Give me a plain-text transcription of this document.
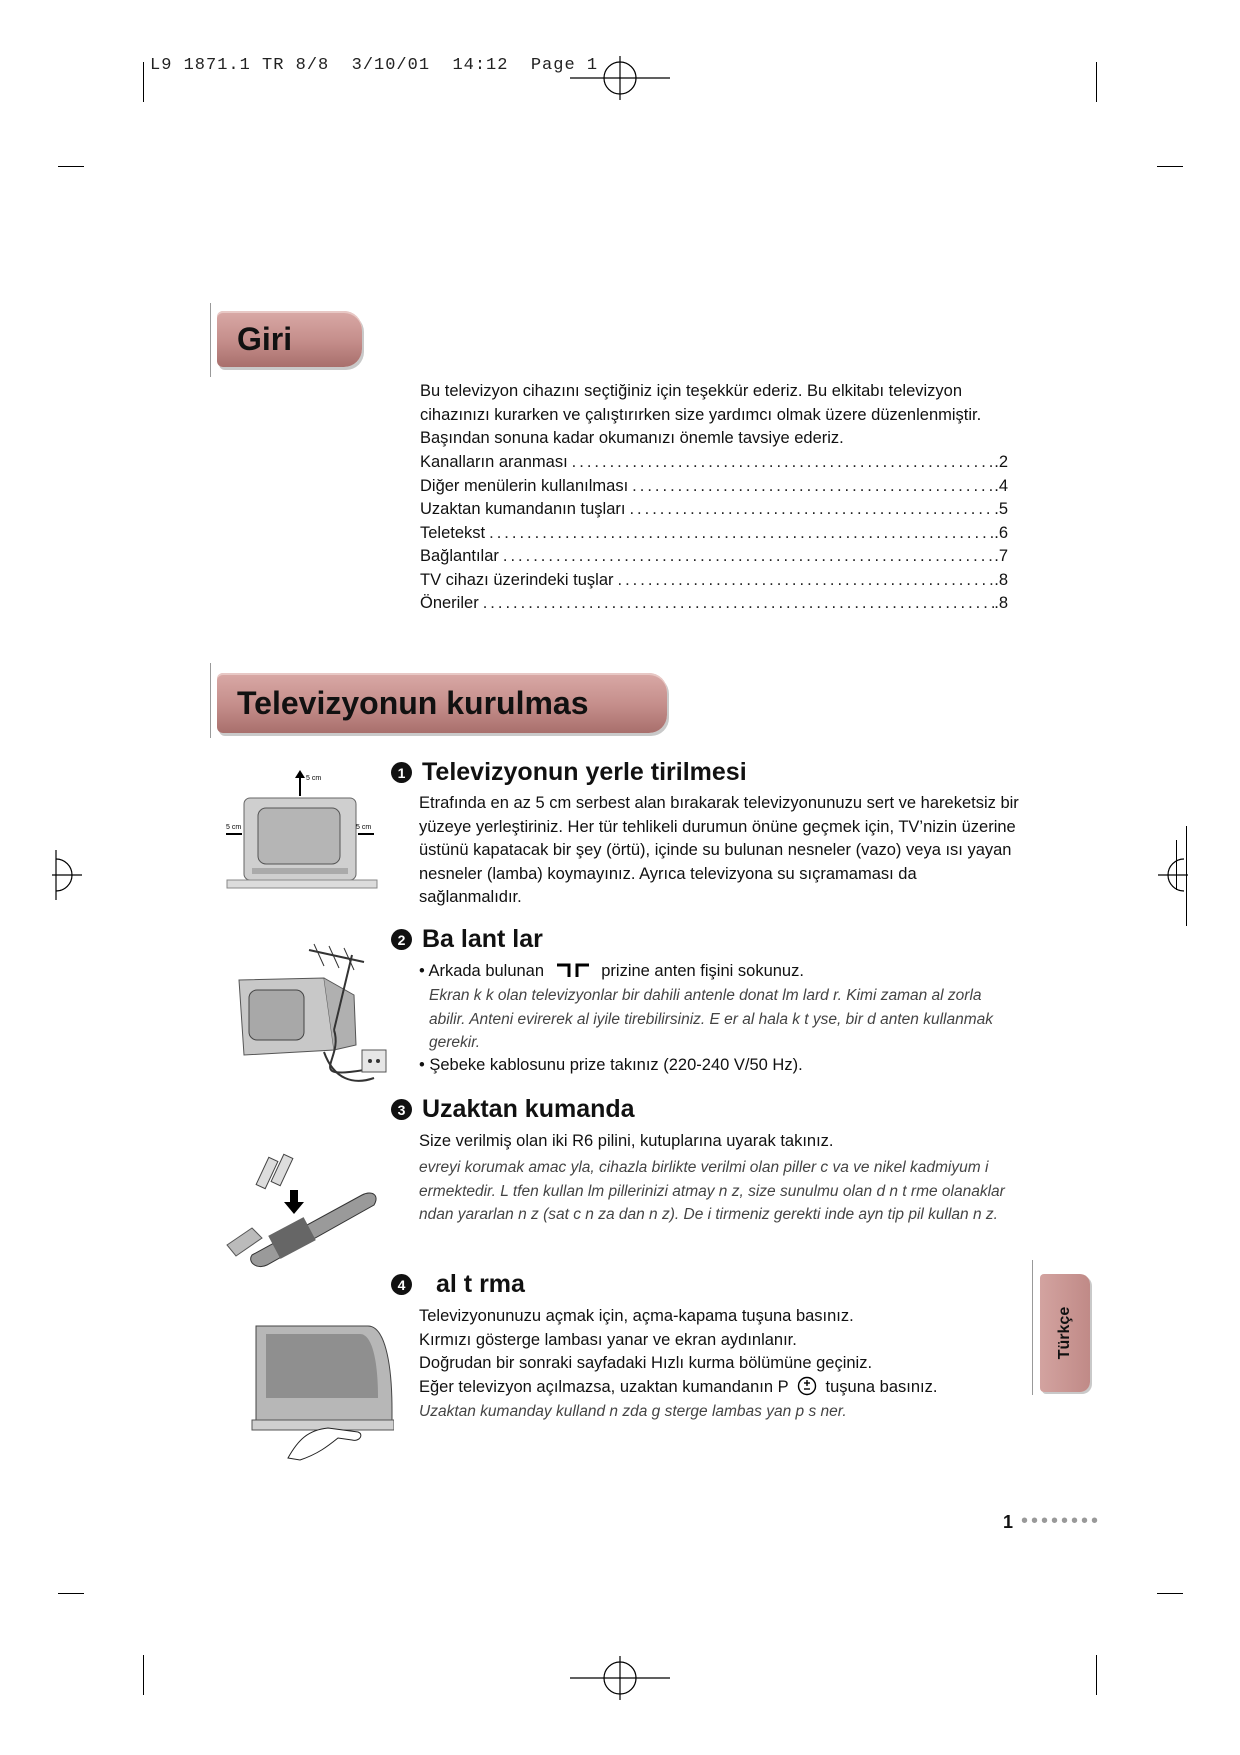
L9 1871.1 TR 8/8  3/10/01  14:12  Page 1
Giri
Bu televizyon cihazını seçtiğiniz için teşekkür ederiz. Bu elkitabı televizyon cihazınızı kurarken ve çalıştırırken size yardımcı olmak üzere düzenlenmiştir. Başından sonuna kadar okumanızı önemle tavsiye ederiz.
Kanalların aranması .....	.2
Diğer menülerin kullanılması .....	.4
Uzaktan kumandanın tuşları .....	.5
Teletekst .....	.6
Bağlantılar .....	.7
TV cihazı üzerindeki tuşlar .....	.8
Öneriler .....	.8
Televizyonun kurulmas
5 cm
5 cm	5 cm
1 Televizyonun yerle tirilmesi
Etrafında en az 5 cm serbest alan bırakarak televizyonunuzu sert ve hareketsiz bir yüzeye yerleştiriniz. Her tür tehlikeli durumun önüne geçmek için, TV’nizin üzerine üstünü kapatacak bir şey (örtü), içinde su bulunan nesneler (vazo) veya ısı yayan nesneler (lamba) koymayınız. Ayrıca televizyona su sıçramaması da sağlanmalıdır.
2 Ba lant lar
• Arkada bulunan	prizine anten fişini sokunuz.
Ekran k k olan televizyonlar bir dahili antenle donat lm lard r. Kimi zaman al zorla abilir. Anteni evirerek al iyile tirebilirsiniz. E er al hala k t yse, bir d anten kullanmak gerekir.
• Şebeke kablosunu prize takınız (220-240 V/50 Hz).
3 Uzaktan kumanda
Size verilmiş olan iki R6 pilini, kutuplarına uyarak takınız.
evreyi korumak amac yla, cihazla birlikte verilmi olan piller c va ve nikel kadmiyum i ermektedir. L tfen kullan lm pillerinizi atmay n z, size sunulmu olan d n t rme olanaklar ndan yararlan n z (sat c n za dan n z). De i tirmeniz gerekti inde ayn tip pil kullan n z.
4 al t rma
Televizyonunuzu açmak için, açma-kapama tuşuna basınız.
Kırmızı gösterge lambası yanar ve ekran aydınlanır.
Doğrudan bir sonraki sayfadaki Hızlı kurma bölümüne geçiniz.
Eğer televizyon açılmazsa, uzaktan kumandanın P tuşuna basınız.
Uzaktan kumanday kulland n zda g sterge lambas yan p s ner.
Türkçe
1 ••••••••
